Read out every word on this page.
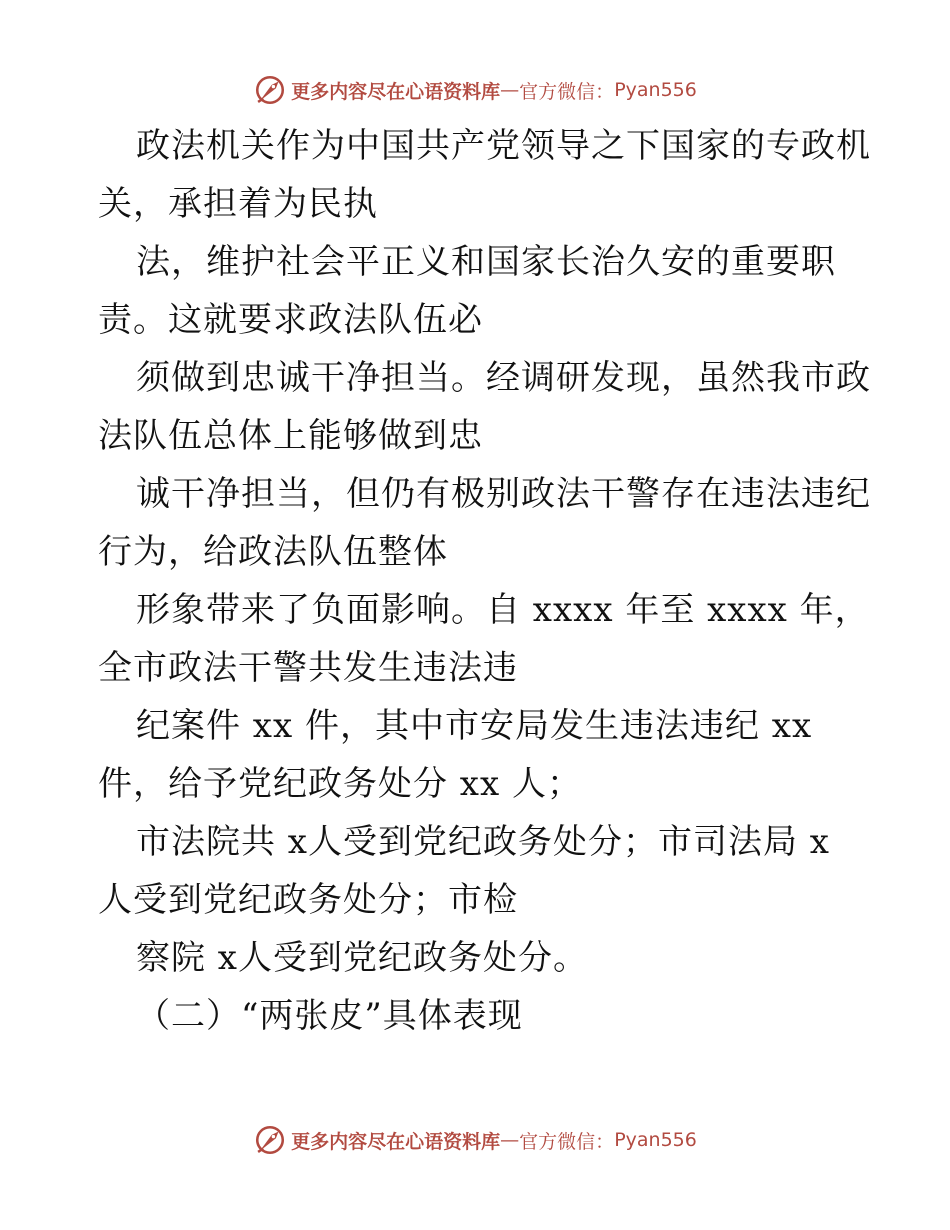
更多内容尽在心语资料库 — 官方微信： Pyan556
政法机关作为中国共产党领导之下国家的专政机
关，承担着为民执
法，维护社会平正义和国家长治久安的重要职
责。这就要求政法队伍必
须做到忠诚干净担当。经调研发现，虽然我市政
法队伍总体上能够做到忠
诚干净担当，但仍有极别政法干警存在违法违纪
行为，给政法队伍整体
形象带来了负面影响。自 xxxx 年至 xxxx 年，
全市政法干警共发生违法违
纪案件 xx 件，其中市安局发生违法违纪 xx
件，给予党纪政务处分 xx 人；
市法院共 x人受到党纪政务处分；市司法局 x
人受到党纪政务处分；市检
察院 x人受到党纪政务处分。
（二）“两张皮”具体表现
更多内容尽在心语资料库 — 官方微信： Pyan556
